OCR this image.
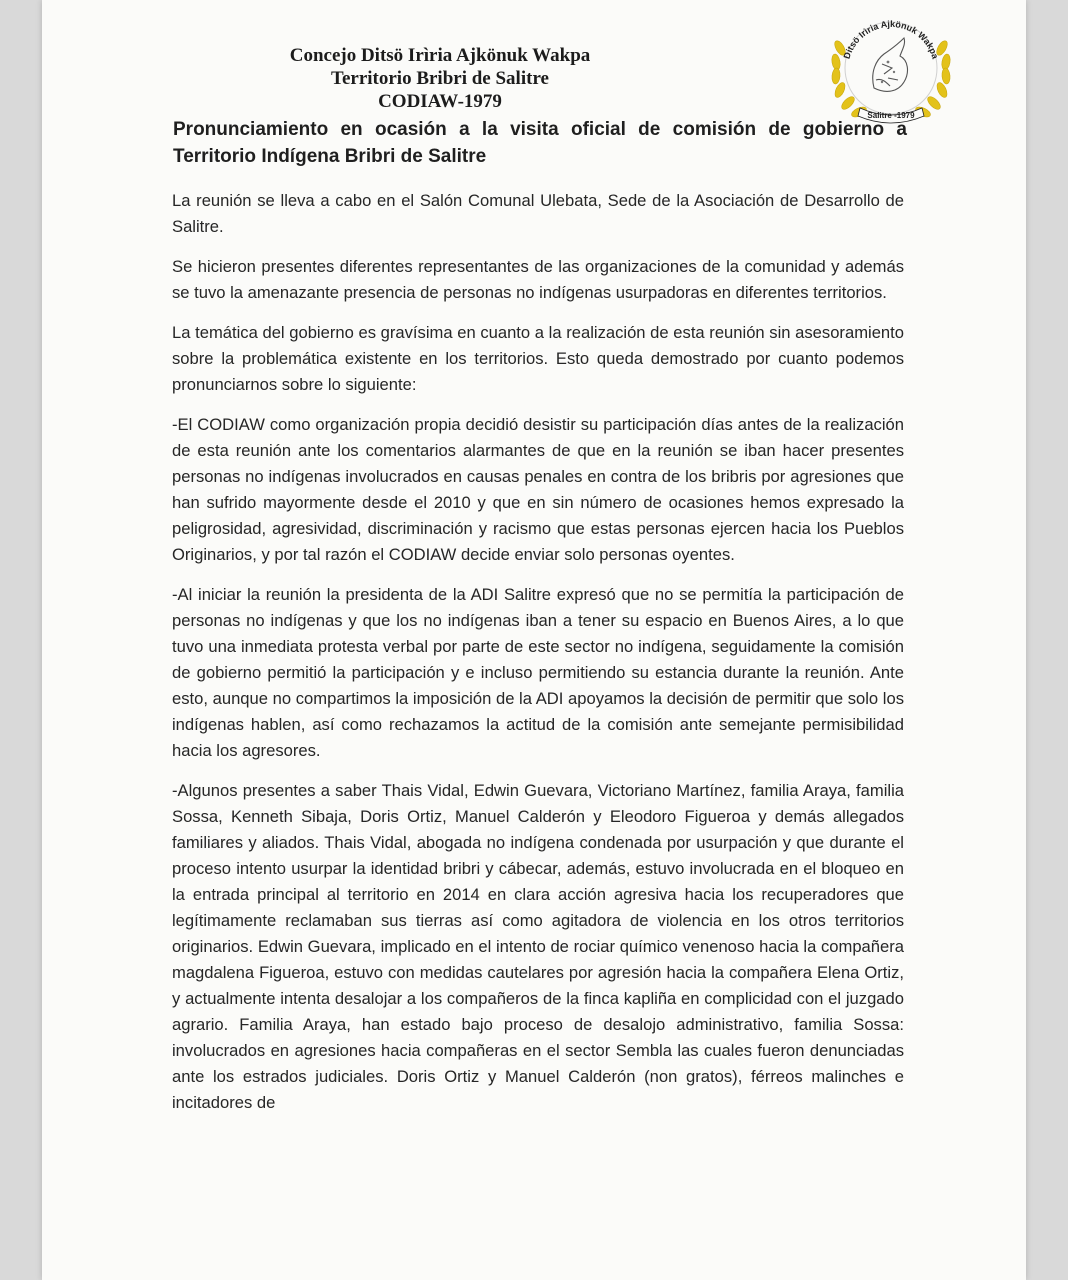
Concejo Ditsö Irìria Ajkönuk Wakpa
Territorio Bribri de Salitre
CODIAW-1979
Ditsö Irìria Ajkönuk Wakpa
Salitre -1979
Pronunciamiento en ocasión a la visita oficial de comisión de gobierno a Territorio Indígena Bribri de Salitre

La reunión se lleva a cabo en el Salón Comunal Ulebata, Sede de la Asociación de Desarrollo de Salitre.

Se hicieron presentes diferentes representantes de las organizaciones de la comunidad y además se tuvo la amenazante presencia de personas no indígenas usurpadoras en diferentes territorios.

La temática del gobierno es gravísima en cuanto a la realización de esta reunión sin asesoramiento sobre la problemática existente en los territorios. Esto queda demostrado por cuanto podemos pronunciarnos sobre lo siguiente:

-El CODIAW como organización propia decidió desistir su participación días antes de la realización de esta reunión ante los comentarios alarmantes de que en la reunión se iban hacer presentes personas no indígenas involucrados en causas penales en contra de los bribris por agresiones que han sufrido mayormente desde el 2010 y que en sin número de ocasiones hemos expresado la peligrosidad, agresividad, discriminación y racismo que estas personas ejercen hacia los Pueblos Originarios, y por tal razón el CODIAW decide enviar solo personas oyentes.

-Al iniciar la reunión la presidenta de la ADI Salitre expresó que no se permitía la participación de personas no indígenas y que los no indígenas iban a tener su espacio en Buenos Aires, a lo que tuvo una inmediata protesta verbal por parte de este sector no indígena, seguidamente la comisión de gobierno permitió la participación y e incluso permitiendo su estancia durante la reunión. Ante esto, aunque no compartimos la imposición de la ADI apoyamos la decisión de permitir que solo los indígenas hablen, así como rechazamos la actitud de la comisión ante semejante permisibilidad hacia los agresores.

-Algunos presentes a saber Thais Vidal, Edwin Guevara, Victoriano Martínez, familia Araya, familia Sossa, Kenneth Sibaja, Doris Ortiz, Manuel Calderón y Eleodoro Figueroa y demás allegados familiares y aliados. Thais Vidal, abogada no indígena condenada por usurpación y que durante el proceso intento usurpar la identidad bribri y cábecar, además, estuvo involucrada en el bloqueo en la entrada principal al territorio en 2014 en clara acción agresiva hacia los recuperadores que legítimamente reclamaban sus tierras así como agitadora de violencia en los otros territorios originarios. Edwin Guevara, implicado en el intento de rociar químico venenoso hacia la compañera magdalena Figueroa, estuvo con medidas cautelares por agresión hacia la compañera Elena Ortiz, y actualmente intenta desalojar a los compañeros de la finca kapliña en complicidad con el juzgado agrario. Familia Araya, han estado bajo proceso de desalojo administrativo, familia Sossa: involucrados en agresiones hacia compañeras en el sector Sembla las cuales fueron denunciadas ante los estrados judiciales. Doris Ortiz y Manuel Calderón (non gratos), férreos malinches e incitadores de
